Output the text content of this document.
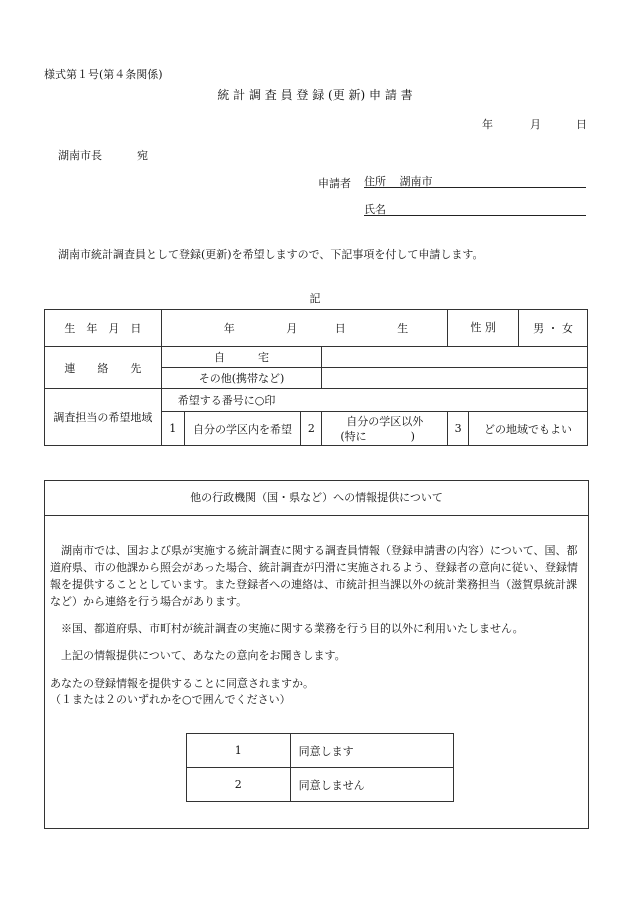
様式第１号(第４条関係)
統 計 調 査 員 登 録 (更 新) 申 請 書
年	月	日
湖南市長	宛
申請者 住所 湖南市
氏名
湖南市統計調査員として登録(更新)を希望しますので、下記事項を付して申請します。
記
生　年　月　日	年 月 日 生				性 別 男 ・ 女	

連　　絡　　先	自　　　宅					
	その他(携帯など)					
調査担当の希望地域	希望する番号に○印					
	1	自分の学区内を希望	2	自分の学区以外
(特に　　　　)	3	どの地域でもよい
他の行政機関（国・県など）への情報提供について
湖南市では、国および県が実施する統計調査に関する調査員情報（登録申請書の内容）について、国、都道府県、市の他課から照会があった場合、統計調査が円滑に実施されるよう、登録者の意向に従い、登録情報を提供することとしています。また登録者への連絡は、市統計担当課以外の統計業務担当（滋賀県統計課など）から連絡を行う場合があります。
※国、都道府県、市町村が統計調査の実施に関する業務を行う目的以外に利用いたしません。
上記の情報提供について、あなたの意向をお聞きします。
あなたの登録情報を提供することに同意されますか。
（１または２のいずれかを○で囲んでください）
1	同意します
2	同意しません
